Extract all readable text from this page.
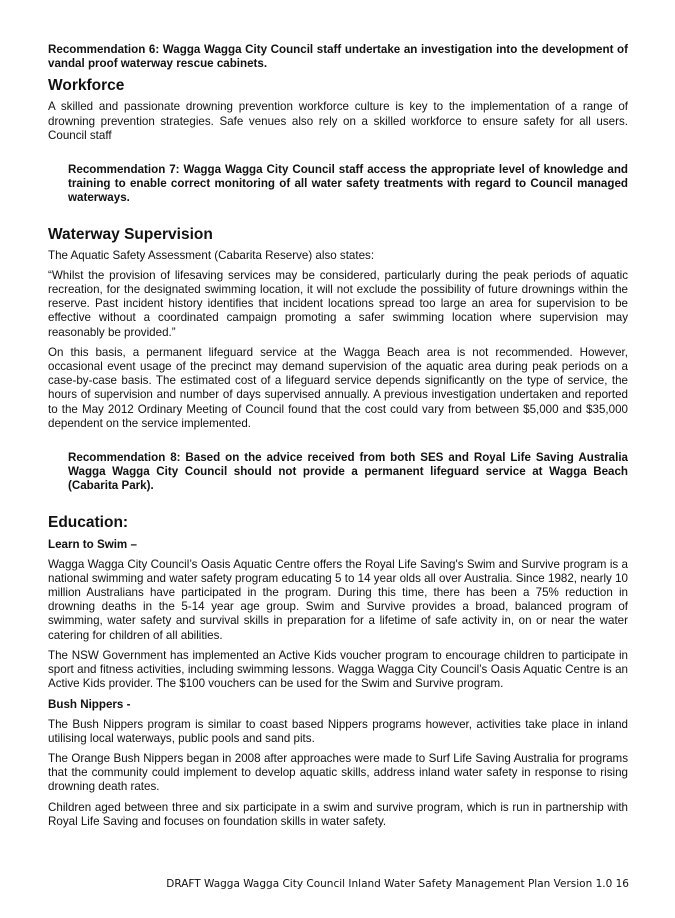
Recommendation 6: Wagga Wagga City Council staff undertake an investigation into the development of vandal proof waterway rescue cabinets.

Workforce

A skilled and passionate drowning prevention workforce culture is key to the implementation of a range of drowning prevention strategies. Safe venues also rely on a skilled workforce to ensure safety for all users. Council staff

Recommendation 7: Wagga Wagga City Council staff access the appropriate level of knowledge and training to enable correct monitoring of all water safety treatments with regard to Council managed waterways.

Waterway Supervision

The Aquatic Safety Assessment (Cabarita Reserve) also states:

“Whilst the provision of lifesaving services may be considered, particularly during the peak periods of aquatic recreation, for the designated swimming location, it will not exclude the possibility of future drownings within the reserve. Past incident history identifies that incident locations spread too large an area for supervision to be effective without a coordinated campaign promoting a safer swimming location where supervision may reasonably be provided.”

On this basis, a permanent lifeguard service at the Wagga Beach area is not recommended. However, occasional event usage of the precinct may demand supervision of the aquatic area during peak periods on a case-by-case basis. The estimated cost of a lifeguard service depends significantly on the type of service, the hours of supervision and number of days supervised annually. A previous investigation undertaken and reported to the May 2012 Ordinary Meeting of Council found that the cost could vary from between $5,000 and $35,000 dependent on the service implemented.

Recommendation 8: Based on the advice received from both SES and Royal Life Saving Australia Wagga Wagga City Council should not provide a permanent lifeguard service at Wagga Beach (Cabarita Park).

Education:
Learn to Swim –

Wagga Wagga City Council’s Oasis Aquatic Centre offers the Royal Life Saving's Swim and Survive program is a national swimming and water safety program educating 5 to 14 year olds all over Australia. Since 1982, nearly 10 million Australians have participated in the program. During this time, there has been a 75% reduction in drowning deaths in the 5-14 year age group. Swim and Survive provides a broad, balanced program of swimming, water safety and survival skills in preparation for a lifetime of safe activity in, on or near the water catering for children of all abilities.

The NSW Government has implemented an Active Kids voucher program to encourage children to participate in sport and fitness activities, including swimming lessons. Wagga Wagga City Council’s Oasis Aquatic Centre is an Active Kids provider. The $100 vouchers can be used for the Swim and Survive program.

Bush Nippers -

The Bush Nippers program is similar to coast based Nippers programs however, activities take place in inland utilising local waterways, public pools and sand pits.

The Orange Bush Nippers began in 2008 after approaches were made to Surf Life Saving Australia for programs that the community could implement to develop aquatic skills, address inland water safety in response to rising drowning death rates.

Children aged between three and six participate in a swim and survive program, which is run in partnership with Royal Life Saving and focuses on foundation skills in water safety.

DRAFT Wagga Wagga City Council Inland Water Safety Management Plan Version 1.0 16
